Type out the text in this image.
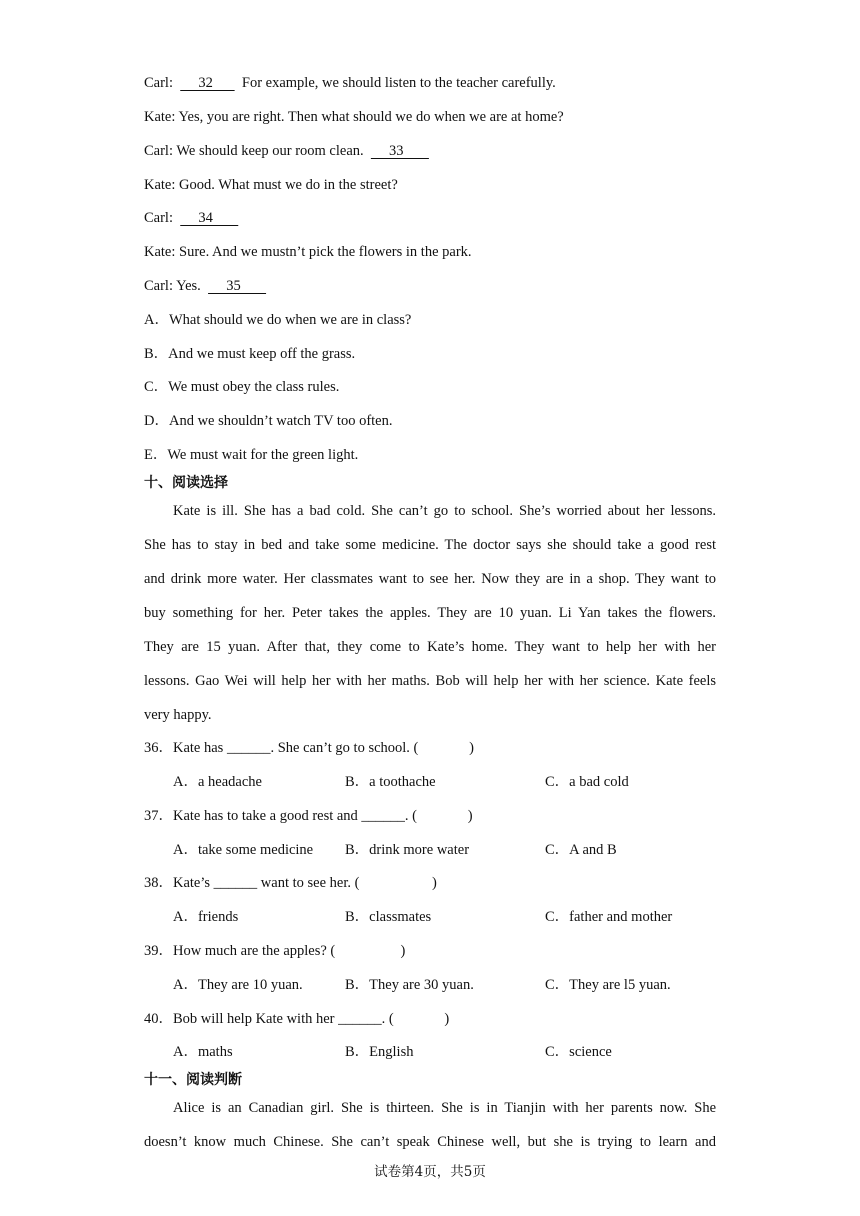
Carl:       32        For example, we should listen to the teacher carefully.
Kate: Yes, you are right. Then what should we do when we are at home?
Carl: We should keep our room clean.       33
Kate: Good. What must we do in the street?
Carl:       34
Kate: Sure. And we mustn’t pick the flowers in the park.
Carl: Yes.       35
A．What should we do when we are in class?
B．And we must keep off the grass.
C．We must obey the class rules.
D．And we shouldn’t watch TV too often.
E．We must wait for the green light.
十、阅读选择
Kate is ill. She has a bad cold. She can’t go to school. She’s worried about her lessons.
She has to stay in bed and take some medicine. The doctor says she should take a good rest
and drink more water. Her classmates want to see her. Now they are in a shop. They want to
buy something for her. Peter takes the apples. They are 10 yuan. Li Yan takes the flowers.
They are 15 yuan. After that, they come to Kate’s home. They want to help her with her
lessons. Gao Wei will help her with her maths. Bob will help her with her science. Kate feels
very happy.
36．Kate has ______. She can’t go to school. (              )
A．a headache	B．a toothache	C．a bad cold
37．Kate has to take a good rest and ______. (              )
A．take some medicine B．drink more water	C．A and B
38．Kate’s ______ want to see her. (                    )
A．friends	B．classmates	C．father and mother
39．How much are the apples? (                  )
A．They are 10 yuan.	B．They are 30 yuan.	C．They are l5 yuan.
40．Bob will help Kate with her ______. (              )
A．maths	B．English	C．science
十一、阅读判断
Alice is an Canadian girl. She is thirteen. She is in Tianjin with her parents now. She
doesn’t know much Chinese. She can’t speak Chinese well, but she is trying to learn and
试卷第4页，共5页
